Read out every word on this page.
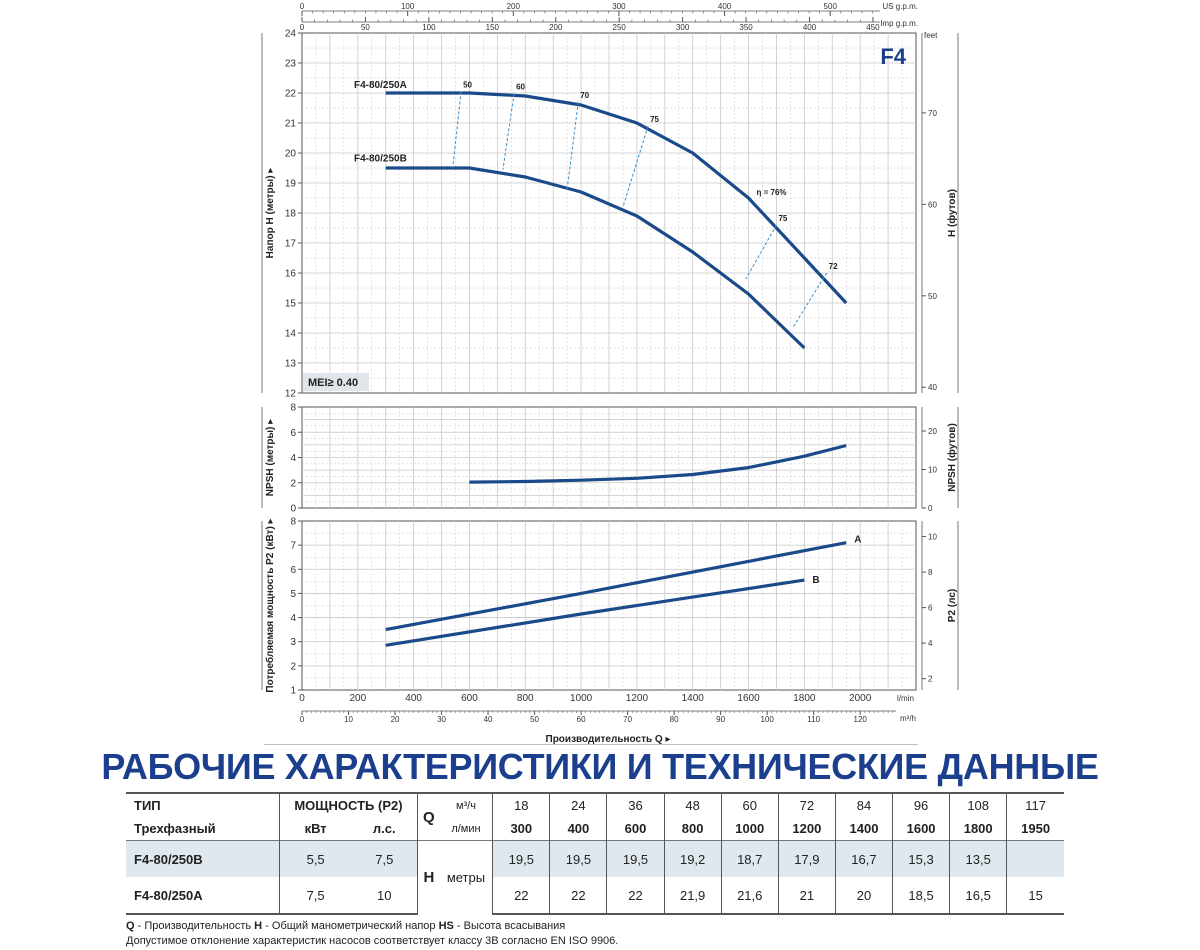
12
13
14
15
16
17
18
19
20
21
22
23
24
40
50
60
70
Напор H (метры) ▸	H (футов)
0
2
4
6
8
0
10
20
NPSH (метры) ▸	NPSH (футов)
1
2
3
4
5
6
7
8
2
4
6
8
10
Потребляемая мощность P2 (кВт) ▸	P2 (лс)
F4-80/250A
F4-80/250B
50	60
70
75
75
72
η = 76%
A
B
F4
MEI≥ 0.40
feet
0	100	200	300	400	500
0	50	100	150	200	250	300	350	400	450
US g.p.m.
Imp g.p.m.
0	200	400	600	800	1000	1200	1400	1600	1800	2000	l/min
0	10	20	30	40	50	60	70	80	90	100	110	120	m³/h
Производительность Q ▸
РАБОЧИЕ ХАРАКТЕРИСТИКИ И ТЕХНИЧЕСКИЕ ДАННЫЕ
ТИП	МОЩНОСТЬ (P2)		Q	м³/ч	18	24	36	48	60	72	84	96	108	117
Трехфазный	кВт	л.с.		л/мин	300	400	600	800	1000	1200	1400	1600	1800	1950
F4-80/250B	5,5	7,5	H	метры	19,5	19,5	19,5	19,2	18,7	17,9	16,7	15,3	13,5	
F4-80/250A	7,5	10			22	22	22	21,9	21,6	21	20	18,5	16,5	15
Q - Производительность H - Общий манометрический напор HS - Высота всасывания
Допустимое отклонение характеристик насосов соответствует классу 3B согласно EN ISO 9906.
